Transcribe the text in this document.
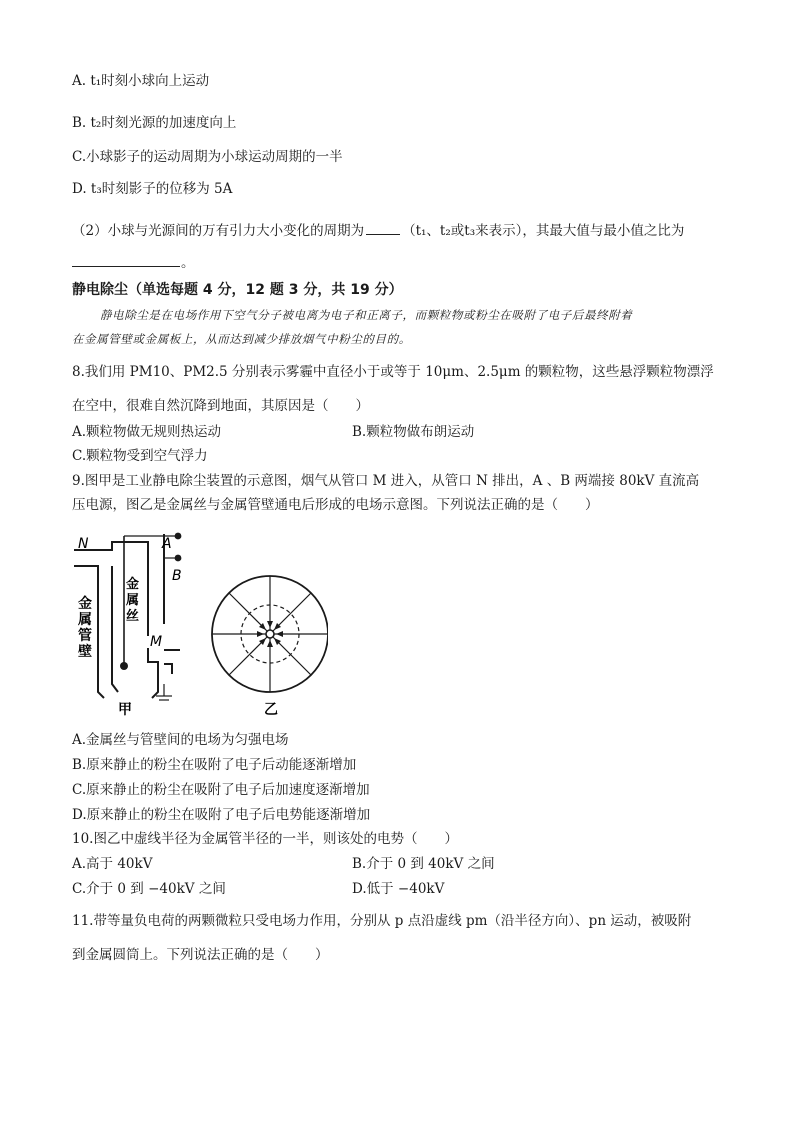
A. t₁时刻小球向上运动
B. t₂时刻光源的加速度向上
C.小球影子的运动周期为小球运动周期的一半
D. t₃时刻影子的位移为 5A
（2）小球与光源间的万有引力大小变化的周期为	（t₁、t₂或t₃来表示），其最大值与最小值之比为
。
静电除尘（单选每题 4 分，12 题 3 分，共 19 分）
静电除尘是在电场作用下空气分子被电离为电子和正离子，而颗粒物或粉尘在吸附了电子后最终附着
在金属管壁或金属板上，从而达到减少排放烟气中粉尘的目的。
8.我们用 PM10、PM2.5 分别表示雾霾中直径小于或等于 10μm、2.5μm 的颗粒物，这些悬浮颗粒物漂浮
在空中，很难自然沉降到地面，其原因是（　　）
A.颗粒物做无规则热运动	B.颗粒物做布朗运动
C.颗粒物受到空气浮力
9.图甲是工业静电除尘装置的示意图，烟气从管口 M 进入，从管口 N 排出，A 、B 两端接 80kV 直流高
压电源，图乙是金属丝与金属管壁通电后形成的电场示意图。下列说法正确的是（　　）
N	A
B
M
金
属
管
壁
金
属
丝
甲	乙
A.金属丝与管壁间的电场为匀强电场
B.原来静止的粉尘在吸附了电子后动能逐渐增加
C.原来静止的粉尘在吸附了电子后加速度逐渐增加
D.原来静止的粉尘在吸附了电子后电势能逐渐增加
10.图乙中虚线半径为金属管半径的一半，则该处的电势（　　）
A.高于 40kV	B.介于 0 到 40kV 之间
C.介于 0 到 −40kV 之间	D.低于 −40kV
11.带等量负电荷的两颗微粒只受电场力作用，分别从 p 点沿虚线 pm（沿半径方向）、pn 运动，被吸附
到金属圆筒上。下列说法正确的是（　　）
